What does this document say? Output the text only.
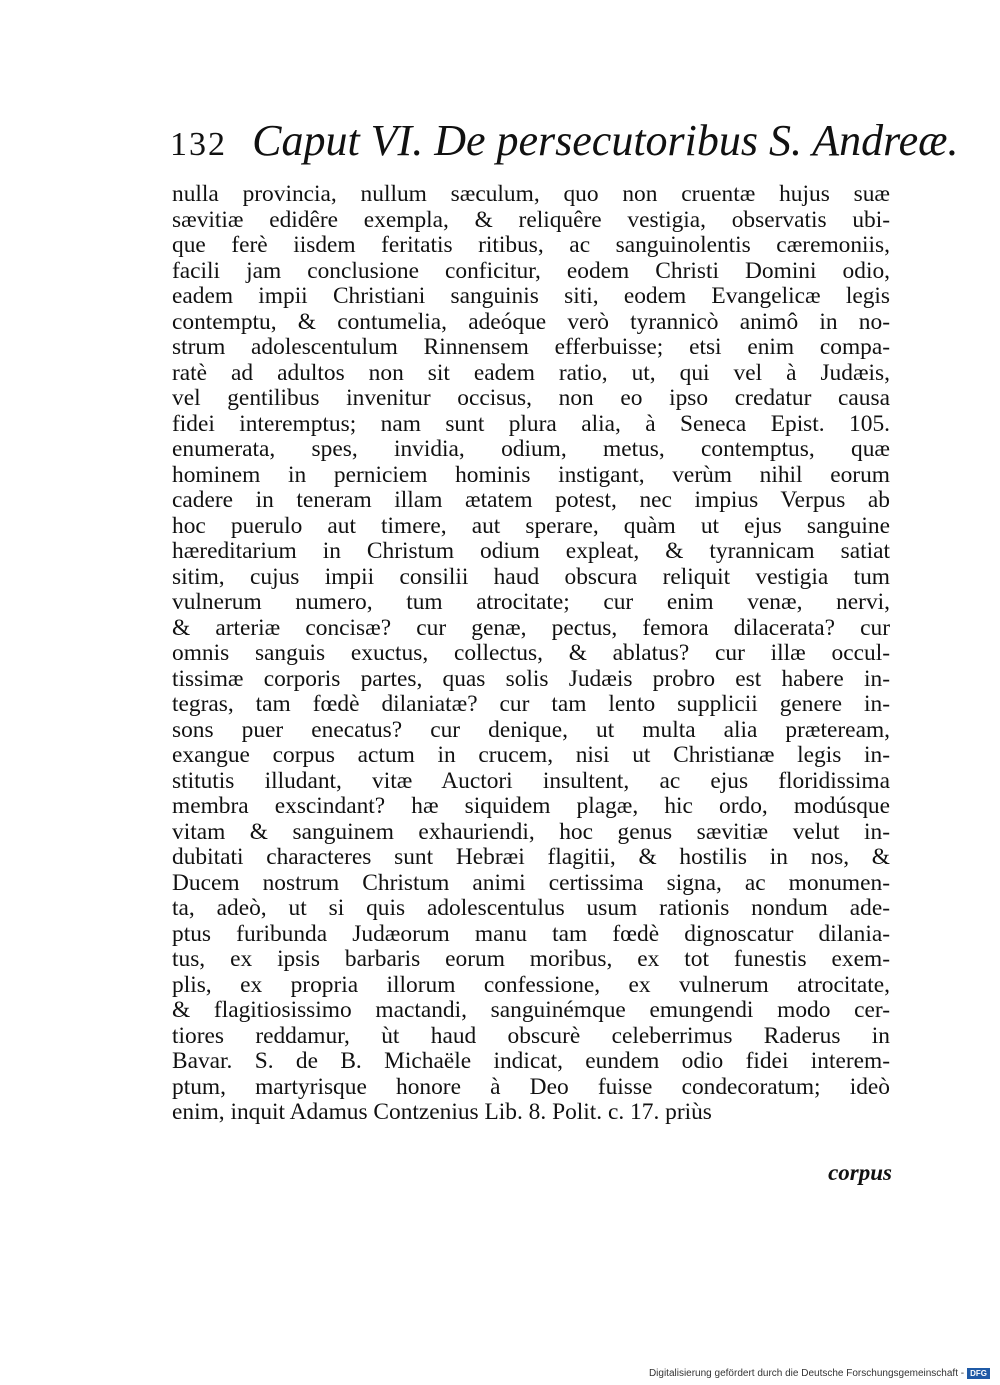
132 Caput VI. De persecutoribus S. Andreæ.
nulla provincia, nullum sæculum, quo non cruentæ hujus suæ
sævitiæ edidêre exempla, & reliquêre vestigia, observatis ubi-
que ferè iisdem feritatis ritibus, ac sanguinolentis cæremoniis,
facili jam conclusione conficitur, eodem Christi Domini odio,
eadem impii Christiani sanguinis siti, eodem Evangelicæ legis
contemptu, & contumelia, adeóque verò tyrannicò animô in no-
strum adolescentulum Rinnensem efferbuisse; etsi enim compa-
ratè ad adultos non sit eadem ratio, ut, qui vel à Judæis,
vel gentilibus invenitur occisus, non eo ipso credatur causa
fidei interemptus; nam sunt plura alia, à Seneca Epist. 105.
enumerata, spes, invidia, odium, metus, contemptus, quæ
hominem in perniciem hominis instigant, verùm nihil eorum
cadere in teneram illam ætatem potest, nec impius Verpus ab
hoc puerulo aut timere, aut sperare, quàm ut ejus sanguine
hæreditarium in Christum odium expleat, & tyrannicam satiat
sitim, cujus impii consilii haud obscura reliquit vestigia tum
vulnerum numero, tum atrocitate; cur enim venæ, nervi,
& arteriæ concisæ? cur genæ, pectus, femora dilacerata? cur
omnis sanguis exuctus, collectus, & ablatus? cur illæ occul-
tissimæ corporis partes, quas solis Judæis probro est habere in-
tegras, tam fœdè dilaniatæ? cur tam lento supplicii genere in-
sons puer enecatus? cur denique, ut multa alia præteream,
exangue corpus actum in crucem, nisi ut Christianæ legis in-
stitutis illudant, vitæ Auctori insultent, ac ejus floridissima
membra exscindant? hæ siquidem plagæ, hic ordo, modúsque
vitam & sanguinem exhauriendi, hoc genus sævitiæ velut in-
dubitati characteres sunt Hebræi flagitii, & hostilis in nos, &
Ducem nostrum Christum animi certissima signa, ac monumen-
ta, adeò, ut si quis adolescentulus usum rationis nondum ade-
ptus furibunda Judæorum manu tam fœdè dignoscatur dilania-
tus, ex ipsis barbaris eorum moribus, ex tot funestis exem-
plis, ex propria illorum confessione, ex vulnerum atrocitate,
& flagitiosissimo mactandi, sanguinémque emungendi modo cer-
tiores reddamur, ùt haud obscurè celeberrimus Raderus in
Bavar. S. de B. Michaële indicat, eundem odio fidei interem-
ptum, martyrisque honore à Deo fuisse condecoratum; ideò
enim, inquit Adamus Contzenius Lib. 8. Polit. c. 17. priùs
corpus
Digitalisierung gefördert durch die Deutsche Forschungsgemeinschaft - DFG
